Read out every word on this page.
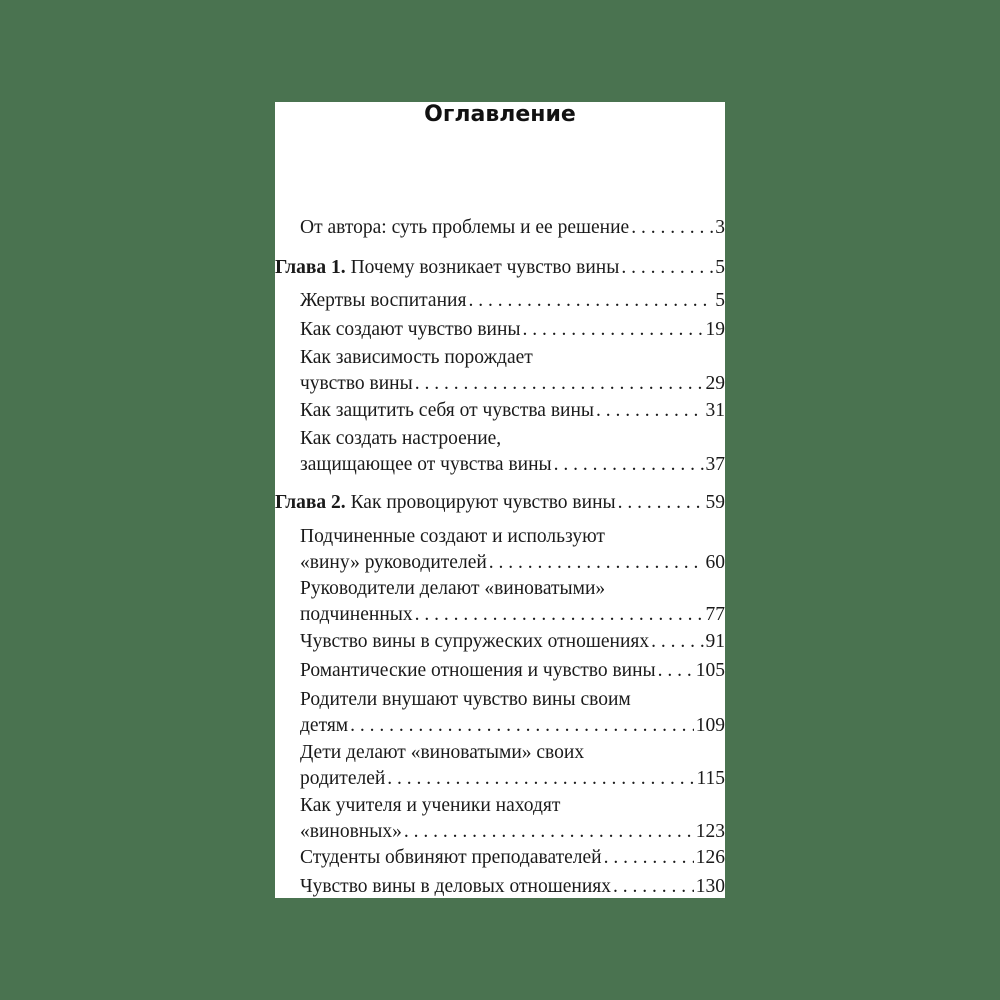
Оглавление
От автора: суть проблемы и ее решение . . .	3
Глава 1. Почему возникает чувство вины . . .	5
Жертвы воспитания . . .	5
Как создают чувство вины . . .	19
Как зависимость порождает
чувство вины . . .	29
Как защитить себя от чувства вины . . .	31
Как создать настроение,
защищающее от чувства вины . . .	37
Глава 2. Как провоцируют чувство вины . . .	59
Подчиненные создают и используют
«вину» руководителей . . .	60
Руководители делают «виноватыми»
подчиненных . . .	77
Чувство вины в супружеских отношениях . . .	91
Романтические отношения и чувство вины . . . 105
Родители внушают чувство вины своим
детям . . .	109
Дети делают «виноватыми» своих
родителей . . .	115
Как учителя и ученики находят
«виновных» . . .	123
Студенты обвиняют преподавателей . . .	126
Чувство вины в деловых отношениях . . .	130
